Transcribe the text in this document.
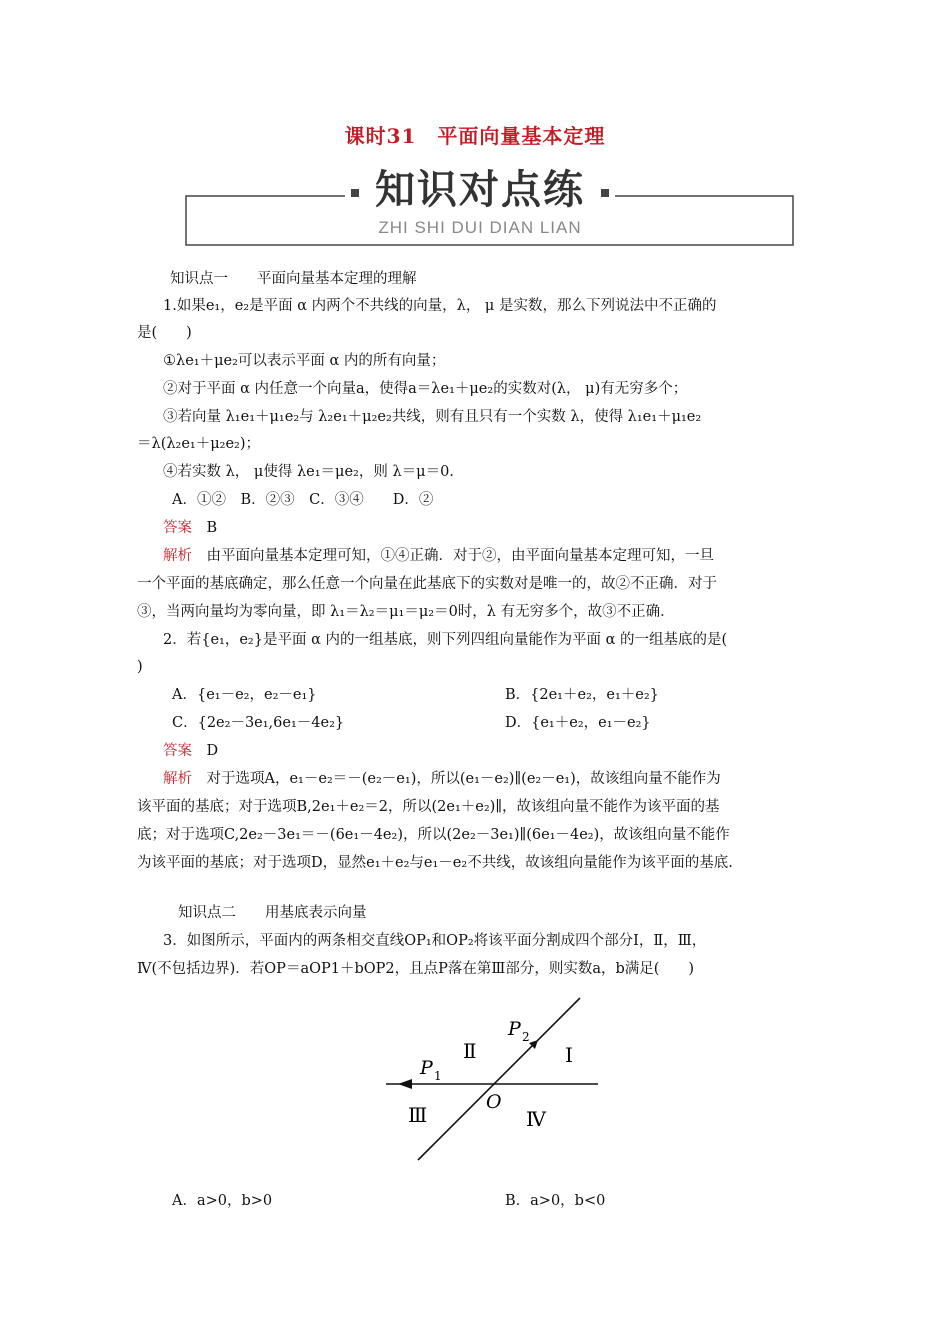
课时31　平面向量基本定理
知识对点练
ZHI SHI DUI DIAN LIAN
知识点一　　平面向量基本定理的理解
1.如果e₁，e₂是平面 α 内两个不共线的向量，λ， μ 是实数，那么下列说法中不正确的
是(　　)
①λe₁＋μe₂可以表示平面 α 内的所有向量；
②对于平面 α 内任意一个向量a，使得a＝λe₁＋μe₂的实数对(λ， μ)有无穷多个；
③若向量 λ₁e₁＋μ₁e₂与 λ₂e₁＋μ₂e₂共线，则有且只有一个实数 λ，使得 λ₁e₁＋μ₁e₂
＝λ(λ₂e₁＋μ₂e₂)；
④若实数 λ， μ使得 λe₁＝μe₂，则 λ＝μ＝0.
A．①②　B．②③　C．③④　　D．②
答案　 B
解析　 由平面向量基本定理可知，①④正确．对于②，由平面向量基本定理可知，一旦
一个平面的基底确定，那么任意一个向量在此基底下的实数对是唯一的，故②不正确．对于
③，当两向量均为零向量，即 λ₁＝λ₂＝μ₁＝μ₂＝0时，λ 有无穷多个，故③不正确．
2．若{e₁，e₂}是平面 α 内的一组基底，则下列四组向量能作为平面 α 的一组基底的是(
)
A．{e₁－e₂，e₂－e₁}	B．{2e₁＋e₂，e₁＋e₂}
C．{2e₂－3e₁,6e₁－4e₂}	D．{e₁＋e₂，e₁－e₂}
答案　 D
解析　 对于选项A，e₁－e₂＝－(e₂－e₁)，所以(e₁－e₂)∥(e₂－e₁)，故该组向量不能作为
该平面的基底；对于选项B,2e₁＋e₂＝2，所以(2e₁＋e₂)∥，故该组向量不能作为该平面的基
底；对于选项C,2e₂－3e₁＝－(6e₁－4e₂)，所以(2e₂－3e₁)∥(6e₁－4e₂)，故该组向量不能作
为该平面的基底；对于选项D，显然e₁＋e₂与e₁－e₂不共线，故该组向量能作为该平面的基底.
知识点二　　用基底表示向量
3．如图所示，平面内的两条相交直线OP₁和OP₂将该平面分割成四个部分Ⅰ，Ⅱ，Ⅲ，
Ⅳ(不包括边界)．若OP＝aOP1＋bOP2，且点P落在第Ⅲ部分，则实数a，b满足(　　)
P 1
P 2
O
Ⅰ
Ⅱ
Ⅲ	Ⅳ
A．a>0，b>0	B．a>0，b<0
